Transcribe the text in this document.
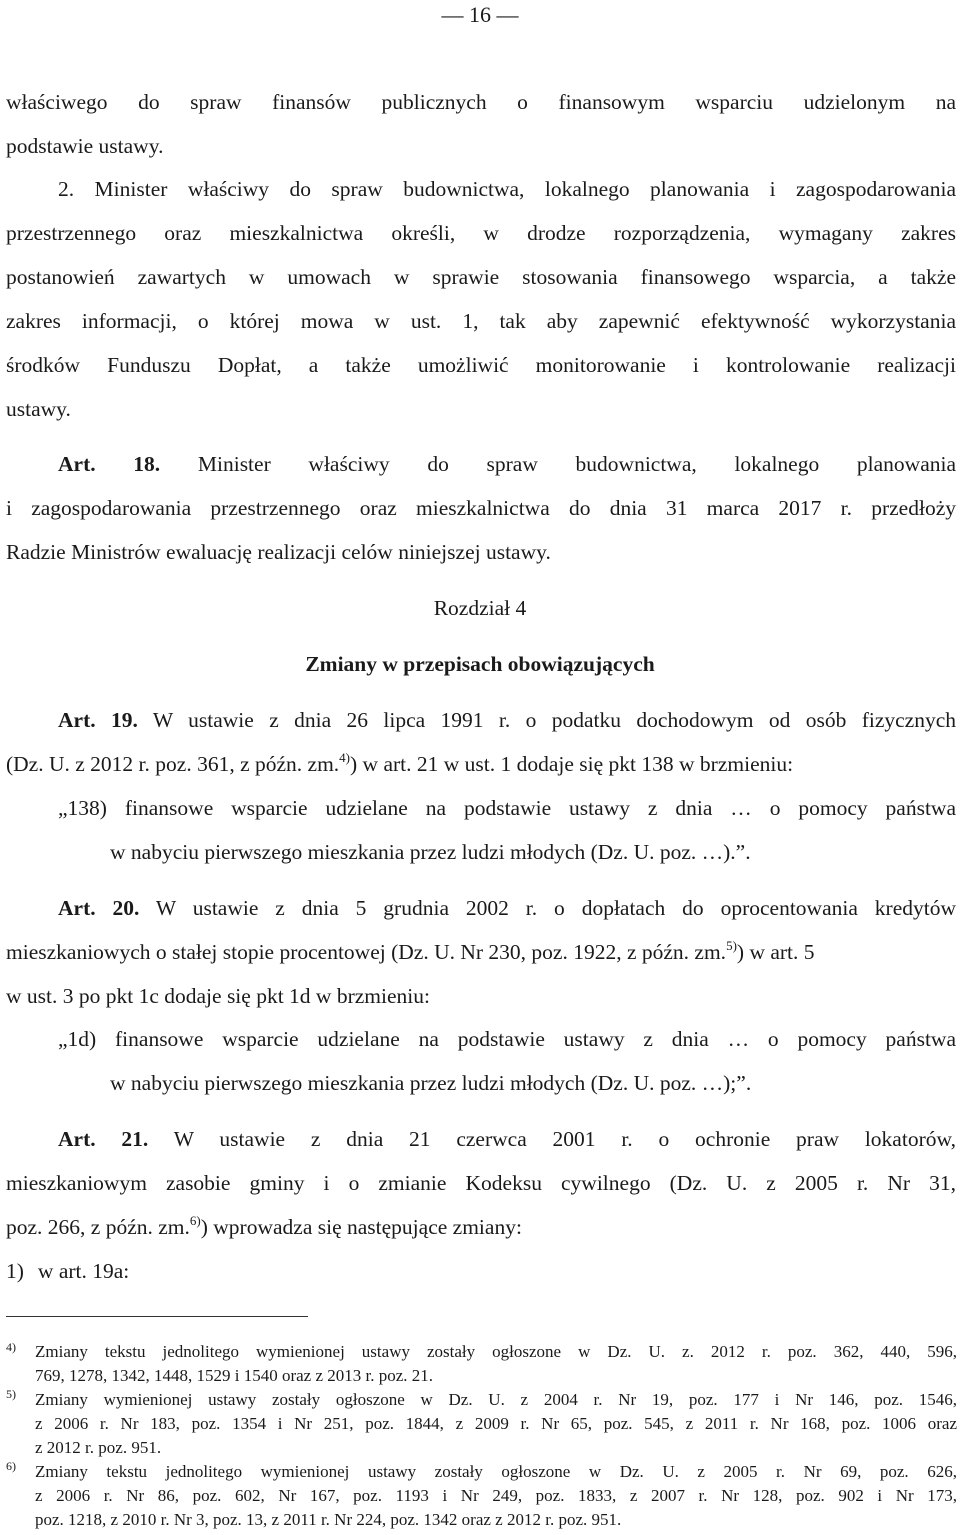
— 16 —
właściwego do spraw finansów publicznych o finansowym wsparciu udzielonym na
podstawie ustawy.
2. Minister właściwy do spraw budownictwa, lokalnego planowania i zagospodarowania
przestrzennego oraz mieszkalnictwa określi, w drodze rozporządzenia, wymagany zakres
postanowień zawartych w umowach w sprawie stosowania finansowego wsparcia, a także
zakres informacji, o której mowa w ust. 1, tak aby zapewnić efektywność wykorzystania
środków Funduszu Dopłat, a także umożliwić monitorowanie i kontrolowanie realizacji
ustawy.
Art. 18. Minister właściwy do spraw budownictwa, lokalnego planowania
i zagospodarowania przestrzennego oraz mieszkalnictwa do dnia 31 marca 2017 r. przedłoży
Radzie Ministrów ewaluację realizacji celów niniejszej ustawy.
Rozdział 4
Zmiany w przepisach obowiązujących
Art. 19. W ustawie z dnia 26 lipca 1991 r. o podatku dochodowym od osób fizycznych
(Dz. U. z 2012 r. poz. 361, z późn. zm.$^{4)}$) w art. 21 w ust. 1 dodaje się pkt 138 w brzmieniu:
„138) finansowe wsparcie udzielane na podstawie ustawy z dnia … o pomocy państwa
w nabyciu pierwszego mieszkania przez ludzi młodych (Dz. U. poz. …).”.
Art. 20. W ustawie z dnia 5 grudnia 2002 r. o dopłatach do oprocentowania kredytów
mieszkaniowych o stałej stopie procentowej (Dz. U. Nr 230, poz. 1922, z późn. zm.$^{5)}$) w art. 5
w ust. 3 po pkt 1c dodaje się pkt 1d w brzmieniu:
„1d) finansowe wsparcie udzielane na podstawie ustawy z dnia … o pomocy państwa
w nabyciu pierwszego mieszkania przez ludzi młodych (Dz. U. poz. …);”.
Art. 21. W ustawie z dnia 21 czerwca 2001 r. o ochronie praw lokatorów,
mieszkaniowym zasobie gminy i o zmianie Kodeksu cywilnego (Dz. U. z 2005 r. Nr 31,
poz. 266, z późn. zm.$^{6)}$) wprowadza się następujące zmiany:
1) w art. 19a:
4) Zmiany tekstu jednolitego wymienionej ustawy zostały ogłoszone w Dz. U. z. 2012 r. poz. 362, 440, 596,
769, 1278, 1342, 1448, 1529 i 1540 oraz z 2013 r. poz. 21.
5) Zmiany wymienionej ustawy zostały ogłoszone w Dz. U. z 2004 r. Nr 19, poz. 177 i Nr 146, poz. 1546,
z 2006 r. Nr 183, poz. 1354 i Nr 251, poz. 1844, z 2009 r. Nr 65, poz. 545, z 2011 r. Nr 168, poz. 1006 oraz
z 2012 r. poz. 951.
6) Zmiany tekstu jednolitego wymienionej ustawy zostały ogłoszone w Dz. U. z 2005 r. Nr 69, poz. 626,
z 2006 r. Nr 86, poz. 602, Nr 167, poz. 1193 i Nr 249, poz. 1833, z 2007 r. Nr 128, poz. 902 i Nr 173,
poz. 1218, z 2010 r. Nr 3, poz. 13, z 2011 r. Nr 224, poz. 1342 oraz z 2012 r. poz. 951.
